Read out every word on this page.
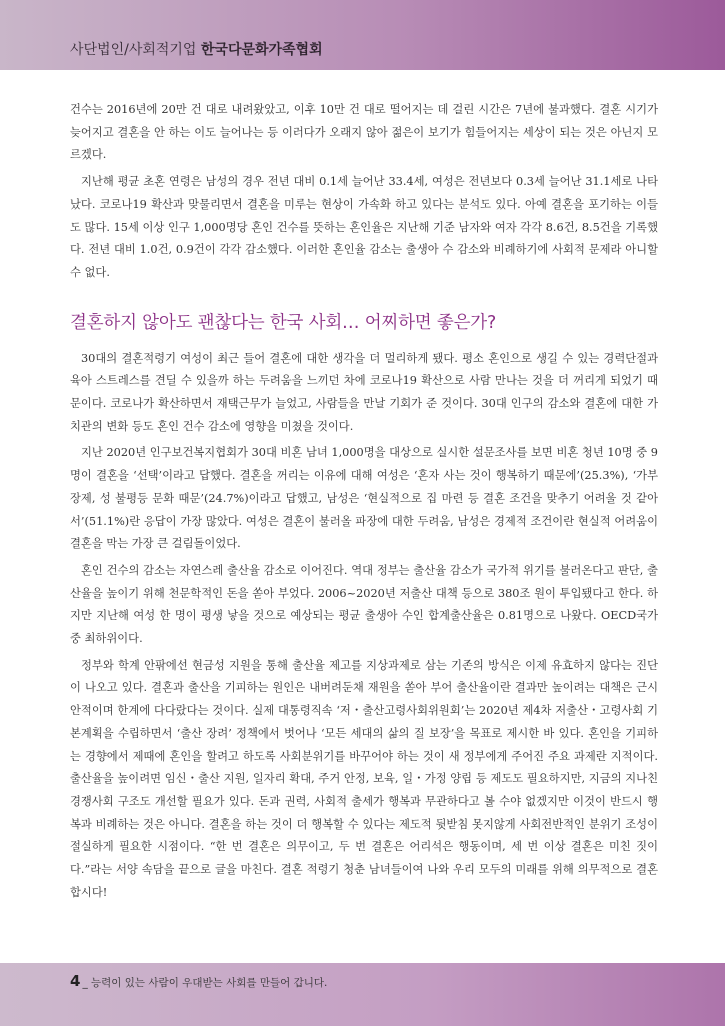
사단법인/사회적기업 한국다문화가족협회

건수는 2016년에 20만 건 대로 내려왔았고, 이후 10만 건 대로 떨어지는 데 걸린 시간은 7년에 불과했다. 결혼 시기가 늦어지고 결혼을 안 하는 이도 늘어나는 등 이러다가 오래지 않아 젊은이 보기가 힘들어지는 세상이 되는 것은 아닌지 모르겠다.

지난해 평균 초혼 연령은 남성의 경우 전년 대비 0.1세 늘어난 33.4세, 여성은 전년보다 0.3세 늘어난 31.1세로 나타났다. 코로나19 확산과 맞물리면서 결혼을 미루는 현상이 가속화 하고 있다는 분석도 있다. 아예 결혼을 포기하는 이들도 많다. 15세 이상 인구 1,000명당 혼인 건수를 뜻하는 혼인율은 지난해 기준 남자와 여자 각각 8.6건, 8.5건을 기록했다. 전년 대비 1.0건, 0.9건이 각각 감소했다. 이러한 혼인율 감소는 출생아 수 감소와 비례하기에 사회적 문제라 아니할 수 없다.

결혼하지 않아도 괜찮다는 한국 사회… 어찌하면 좋은가?

30대의 결혼적령기 여성이 최근 들어 결혼에 대한 생각을 더 멀리하게 됐다. 평소 혼인으로 생길 수 있는 경력단절과 육아 스트레스를 견딜 수 있을까 하는 두려움을 느끼던 차에 코로나19 확산으로 사람 만나는 것을 더 꺼리게 되었기 때문이다. 코로나가 확산하면서 재택근무가 늘었고, 사람들을 만날 기회가 준 것이다. 30대 인구의 감소와 결혼에 대한 가치관의 변화 등도 혼인 건수 감소에 영향을 미쳤을 것이다.

지난 2020년 인구보건복지협회가 30대 비혼 남녀 1,000명을 대상으로 실시한 설문조사를 보면 비혼 청년 10명 중 9명이 결혼을 ‘선택’이라고 답했다. 결혼을 꺼리는 이유에 대해 여성은 ‘혼자 사는 것이 행복하기 때문에’(25.3%), ‘가부장제, 성 불평등 문화 때문’(24.7%)이라고 답했고, 남성은 ‘현실적으로 집 마련 등 결혼 조건을 맞추기 어려울 것 같아서’(51.1%)란 응답이 가장 많았다. 여성은 결혼이 불러올 파장에 대한 두려움, 남성은 경제적 조건이란 현실적 어려움이 결혼을 막는 가장 큰 걸림돌이었다.

혼인 건수의 감소는 자연스레 출산율 감소로 이어진다. 역대 정부는 출산율 감소가 국가적 위기를 불러온다고 판단, 출산율을 높이기 위해 천문학적인 돈을 쏟아 부었다. 2006~2020년 저출산 대책 등으로 380조 원이 투입됐다고 한다. 하지만 지난해 여성 한 명이 평생 낳을 것으로 예상되는 평균 출생아 수인 합계출산율은 0.81명으로 나왔다. OECD국가 중 최하위이다.

정부와 학계 안팎에선 현금성 지원을 통해 출산율 제고를 지상과제로 삼는 기존의 방식은 이제 유효하지 않다는 진단이 나오고 있다. 결혼과 출산을 기피하는 원인은 내버려둔채 재원을 쏟아 부어 출산율이란 결과만 높이려는 대책은 근시안적이며 한계에 다다랐다는 것이다. 실제 대통령직속 ‘저・출산고령사회위원회’는 2020년 제4차 저출산・고령사회 기본계획을 수립하면서 ‘출산 장려’ 정책에서 벗어나 ‘모든 세대의 삶의 질 보장’을 목표로 제시한 바 있다. 혼인을 기피하는 경향에서 제때에 혼인을 할려고 하도록 사회분위기를 바꾸어야 하는 것이 새 정부에게 주어진 주요 과제란 지적이다. 출산율을 높이려면 임신・출산 지원, 일자리 확대, 주거 안정, 보육, 일・가정 양립 등 제도도 필요하지만, 지금의 지나친 경쟁사회 구조도 개선할 필요가 있다. 돈과 권력, 사회적 출세가 행복과 무관하다고 볼 수야 없겠지만 이것이 반드시 행복과 비례하는 것은 아니다. 결혼을 하는 것이 더 행복할 수 있다는 제도적 뒷받침 못지않게 사회전반적인 분위기 조성이 절실하게 필요한 시점이다. “한 번 결혼은 의무이고, 두 번 결혼은 어리석은 행동이며, 세 번 이상 결혼은 미친 짓이다.”라는 서양 속담을 끝으로 글을 마친다. 결혼 적령기 청춘 남녀들이여 나와 우리 모두의 미래를 위해 의무적으로 결혼합시다!

4 _ 능력이 있는 사람이 우대받는 사회를 만들어 갑니다.
